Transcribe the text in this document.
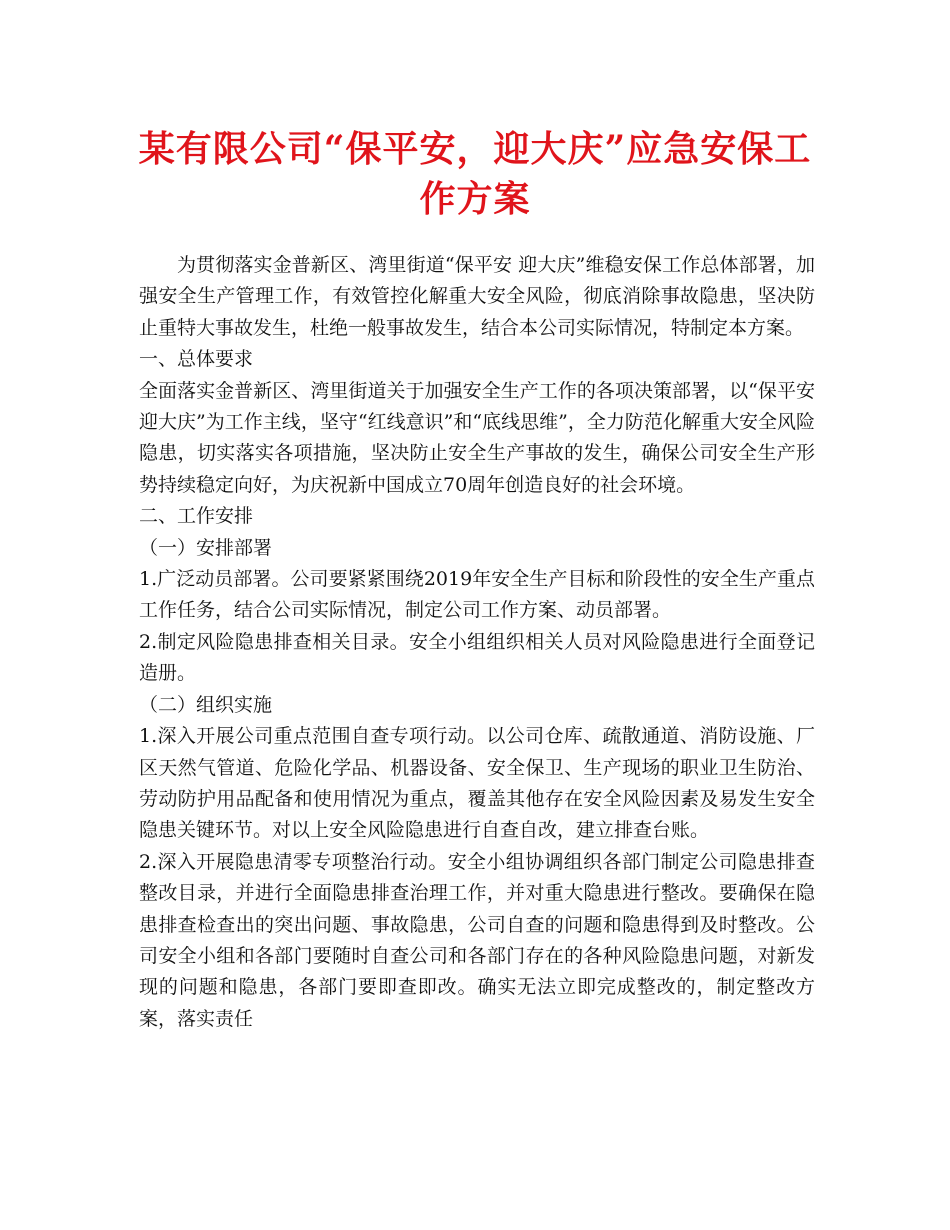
某有限公司“保平安，迎大庆”应急安保工作方案

为贯彻落实金普新区、湾里街道“保平安 迎大庆”维稳安保工作总体部署，加强安全生产管理工作，有效管控化解重大安全风险，彻底消除事故隐患，坚决防止重特大事故发生，杜绝一般事故发生，结合本公司实际情况，特制定本方案。

一、总体要求

全面落实金普新区、湾里街道关于加强安全生产工作的各项决策部署，以“保平安迎大庆”为工作主线，坚守“红线意识”和“底线思维”，全力防范化解重大安全风险隐患，切实落实各项措施，坚决防止安全生产事故的发生，确保公司安全生产形势持续稳定向好，为庆祝新中国成立70周年创造良好的社会环境。

二、工作安排

（一）安排部署

1.广泛动员部署。公司要紧紧围绕2019年安全生产目标和阶段性的安全生产重点工作任务，结合公司实际情况，制定公司工作方案、动员部署。

2.制定风险隐患排查相关目录。安全小组组织相关人员对风险隐患进行全面登记造册。

（二）组织实施

1.深入开展公司重点范围自查专项行动。以公司仓库、疏散通道、消防设施、厂区天然气管道、危险化学品、机器设备、安全保卫、生产现场的职业卫生防治、劳动防护用品配备和使用情况为重点，覆盖其他存在安全风险因素及易发生安全隐患关键环节。对以上安全风险隐患进行自查自改，建立排查台账。

2.深入开展隐患清零专项整治行动。安全小组协调组织各部门制定公司隐患排查整改目录，并进行全面隐患排查治理工作，并对重大隐患进行整改。要确保在隐患排查检查出的突出问题、事故隐患，公司自查的问题和隐患得到及时整改。公司安全小组和各部门要随时自查公司和各部门存在的各种风险隐患问题，对新发现的问题和隐患，各部门要即查即改。确实无法立即完成整改的，制定整改方案，落实责任
